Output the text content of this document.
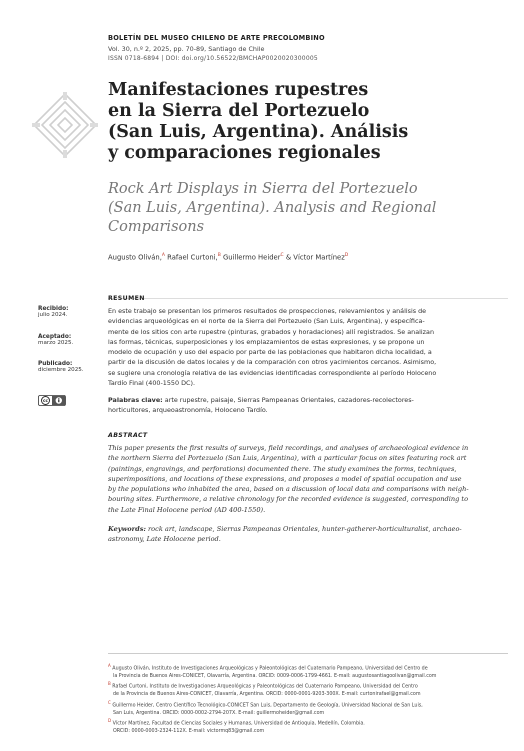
BOLETÍN DEL MUSEO CHILENO DE ARTE PRECOLOMBINO
Vol. 30, n.º 2, 2025, pp. 70-89, Santiago de Chile
ISSN 0718-6894 | DOI: doi.org/10.56522/BMCHAP0020020300005
Manifestaciones rupestres
en la Sierra del Portezuelo
(San Luis, Argentina). Análisis
y comparaciones regionales
Rock Art Displays in Sierra del Portezuelo
(San Luis, Argentina). Analysis and Regional
Comparisons
Augusto Oliván,$^A$ Rafael Curtoni,$^B$ Guillermo Heider$^C$ & Víctor Martínez$^D$
Recibido:
julio 2024.
Aceptado:
marzo 2025.
Publicado:
diciembre 2025.
cc
RESUMEN
En este trabajo se presentan los primeros resultados de prospecciones, relevamientos y análisis de
evidencias arqueológicas en el norte de la Sierra del Portezuelo (San Luis, Argentina), y específica-
mente de los sitios con arte rupestre (pinturas, grabados y horadaciones) allí registrados. Se analizan
las formas, técnicas, superposiciones y los emplazamientos de estas expresiones, y se propone un
modelo de ocupación y uso del espacio por parte de las poblaciones que habitaron dicha localidad, a
partir de la discusión de datos locales y de la comparación con otros yacimientos cercanos. Asimismo,
se sugiere una cronología relativa de las evidencias identificadas correspondiente al período Holoceno
Tardío Final (400-1550 DC).
Palabras clave: arte rupestre, paisaje, Sierras Pampeanas Orientales, cazadores-recolectores-
horticultores, arqueoastronomía, Holoceno Tardío.
ABSTRACT
This paper presents the first results of surveys, field recordings, and analyses of archaeological evidence in
the northern Sierra del Portezuelo (San Luis, Argentina), with a particular focus on sites featuring rock art
(paintings, engravings, and perforations) documented there. The study examines the forms, techniques,
superimpositions, and locations of these expressions, and proposes a model of spatial occupation and use
by the populations who inhabited the area, based on a discussion of local data and comparisons with neigh-
bouring sites. Furthermore, a relative chronology for the recorded evidence is suggested, corresponding to
the Late Final Holocene period (AD 400-1550).
Keywords: rock art, landscape, Sierras Pampeanas Orientales, hunter-gatherer-horticulturalist, archaeo-
astronomy, Late Holocene period.
$^A$ Augusto Oliván, Instituto de Investigaciones Arqueológicas y Paleontológicas del Cuaternario Pampeano, Universidad del Centro de
la Provincia de Buenos Aires-CONICET, Olavarría, Argentina. ORCID: 0009-0006-1799-4661. E-mail: augustosantiagoolivan@gmail.com
$^B$ Rafael Curtoni, Instituto de Investigaciones Arqueológicas y Paleontológicas del Cuaternario Pampeano, Universidad del Centro
de la Provincia de Buenos Aires-CONICET, Olavarría, Argentina. ORCID: 0000-0001-9203-300X. E-mail: curtonirafael@gmail.com
$^C$ Guillermo Heider, Centro Científico Tecnológico-CONICET San Luis, Departamento de Geología, Universidad Nacional de San Luis,
San Luis, Argentina. ORCID: 0000-0002-2794-207X. E-mail: guillermoheider@gmail.com
$^D$ Víctor Martínez, Facultad de Ciencias Sociales y Humanas, Universidad de Antioquia, Medellín, Colombia.
ORCID: 0000-0003-2324-112X. E-mail: victormq83@gmail.com
